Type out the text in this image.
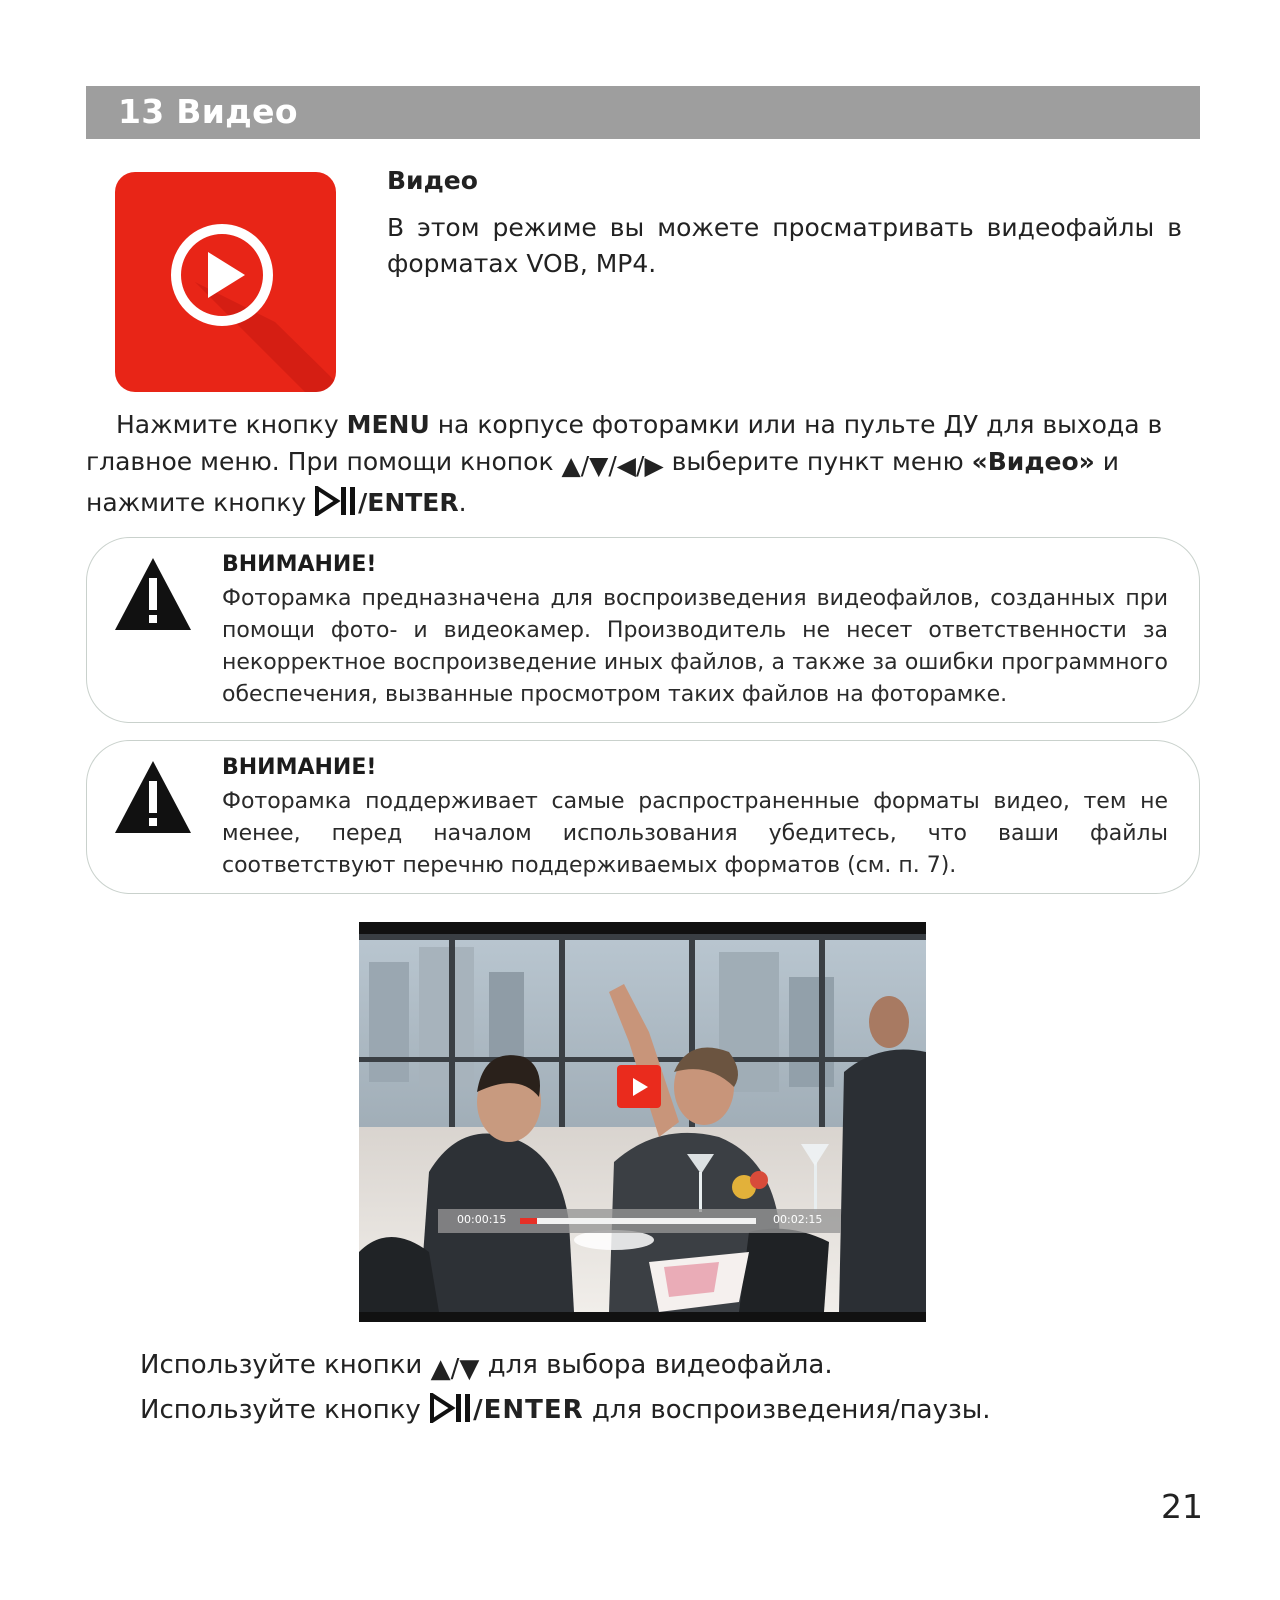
13 Видео
Видео

В этом режиме вы можете просматривать видеофайлы в форматах VOB, MP4.

Нажмите кнопку MENU на корпусе фоторамки или на пульте ДУ для выхода в главное меню. При помощи кнопок ▲/▼/◀/▶ выберите пункт меню «Видео» и нажмите кнопку /ENTER.

ВНИМАНИЕ!

Фоторамка предназначена для воспроизведения видеофайлов, созданных при помощи фото- и видеокамер. Производитель не несет ответственности за некорректное воспроизведение иных файлов, а также за ошибки программного обеспечения, вызванные просмотром таких файлов на фоторамке.

ВНИМАНИЕ!

Фоторамка поддерживает самые распространенные форматы видео, тем не менее, перед началом использования убедитесь, что ваши файлы соответствуют перечню поддерживаемых форматов (см. п. 7).

00:00:15	00:02:15
Используйте кнопки ▲/▼ для выбора видеофайла.
Используйте кнопку /ENTER для воспроизведения/паузы.
21
